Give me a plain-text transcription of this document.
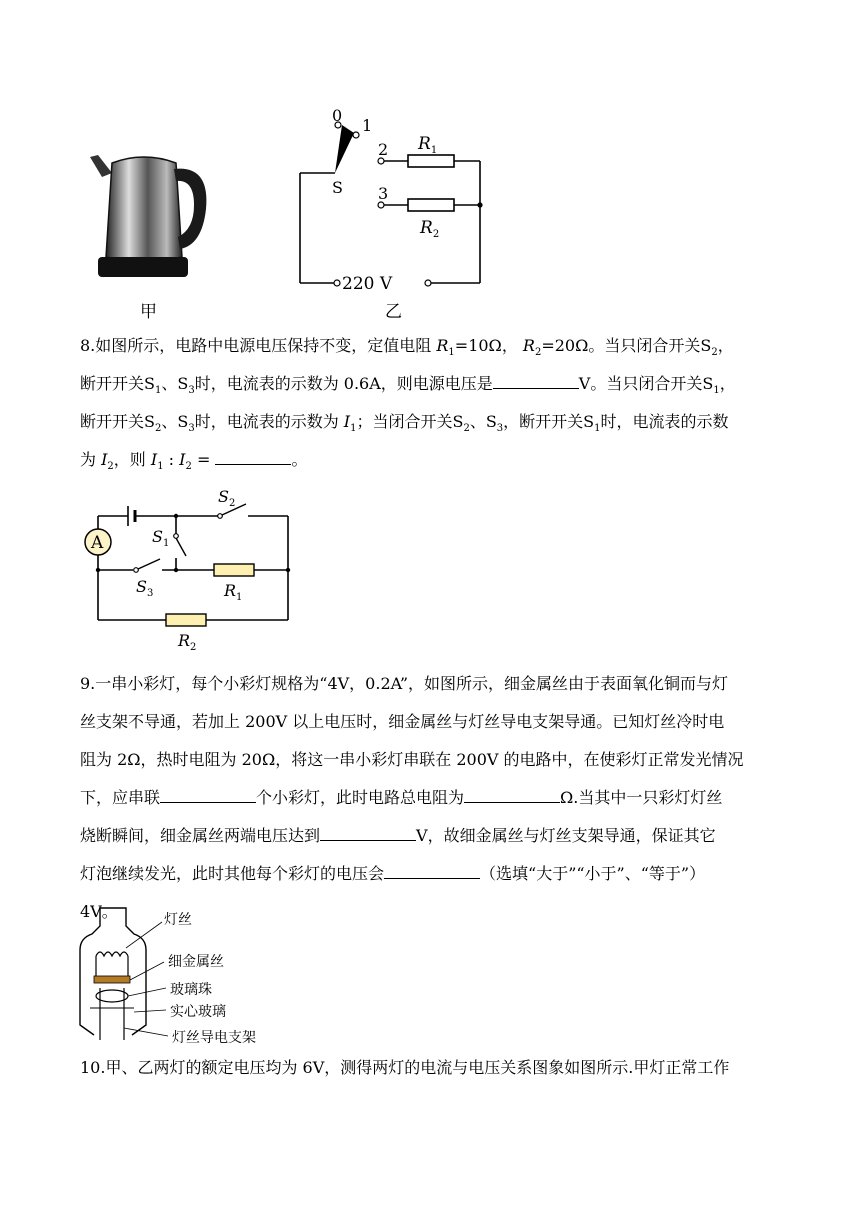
甲
0
1
2
3
S
$R_1$
$R_2$
220 V
乙
8.如图所示，电路中电源电压保持不变，定值电阻 $R_1=10\Omega$， $R_2=20\Omega$。当只闭合开关$S_2$，
断开开关$S_1$、$S_3$时，电流表的示数为 0.6A，则电源电压是	V。当只闭合开关$S_1$，
断开开关$S_2$、$S_3$时，电流表的示数为 $I_1$；当闭合开关$S_2$、$S_3$，断开开关$S_1$时，电流表的示数
为 $I_2$，则 $I_1$ : $I_2$ =	。
$S_2$
A
$S_3$	$R_1$
$S_1$
$R_2$
9.一串小彩灯，每个小彩灯规格为“4V，0.2A”，如图所示，细金属丝由于表面氧化铜而与灯
丝支架不导通，若加上 200V 以上电压时，细金属丝与灯丝导电支架导通。已知灯丝冷时电
阻为 2Ω，热时电阻为 20Ω，将这一串小彩灯串联在 200V 的电路中，在使彩灯正常发光情况
下，应串联	个小彩灯，此时电路总电阻为	Ω.当其中一只彩灯灯丝
烧断瞬间，细金属丝两端电压达到	V，故细金属丝与灯丝支架导通，保证其它
灯泡继续发光，此时其他每个彩灯的电压会	（选填“大于”“小于”、“等于”）
4V。	灯丝
细金属丝
玻璃珠
实心玻璃
灯丝导电支架
10.甲、乙两灯的额定电压均为 6V，测得两灯的电流与电压关系图象如图所示.甲灯正常工作
